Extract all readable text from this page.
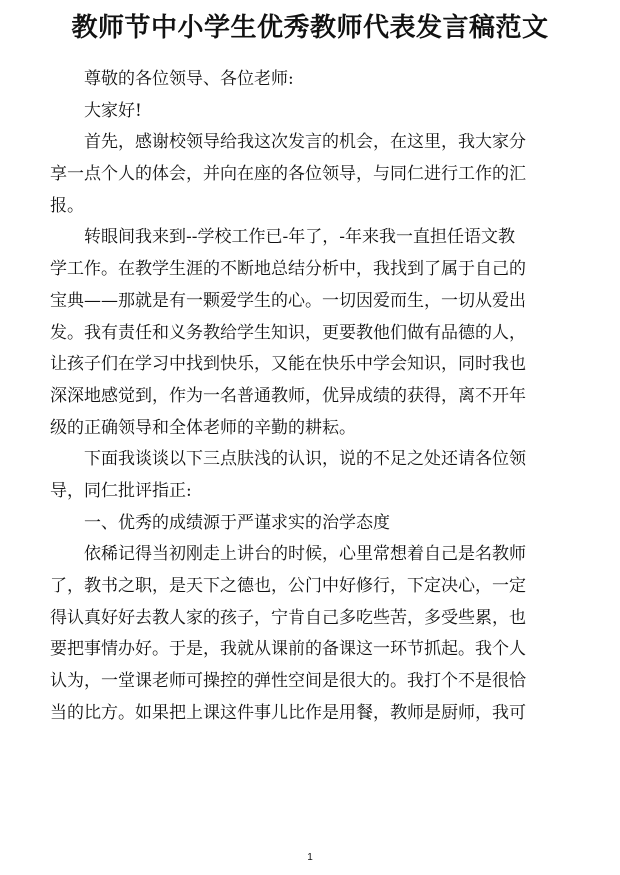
教师节中小学生优秀教师代表发言稿范文
尊敬的各位领导、各位老师:
大家好!
首先，感谢校领导给我这次发言的机会，在这里，我大家分
享一点个人的体会，并向在座的各位领导，与同仁进行工作的汇
报。
转眼间我来到--学校工作已-年了，-年来我一直担任语文教
学工作。在教学生涯的不断地总结分析中，我找到了属于自己的
宝典——那就是有一颗爱学生的心。一切因爱而生，一切从爱出
发。我有责任和义务教给学生知识，更要教他们做有品德的人，
让孩子们在学习中找到快乐，又能在快乐中学会知识，同时我也
深深地感觉到，作为一名普通教师，优异成绩的获得，离不开年
级的正确领导和全体老师的辛勤的耕耘。
下面我谈谈以下三点肤浅的认识，说的不足之处还请各位领
导，同仁批评指正:
一、优秀的成绩源于严谨求实的治学态度
依稀记得当初刚走上讲台的时候，心里常想着自己是名教师
了，教书之职，是天下之德也，公门中好修行，下定决心，一定
得认真好好去教人家的孩子，宁肯自己多吃些苦，多受些累，也
要把事情办好。于是，我就从课前的备课这一环节抓起。我个人
认为，一堂课老师可操控的弹性空间是很大的。我打个不是很恰
当的比方。如果把上课这件事儿比作是用餐，教师是厨师，我可
1
